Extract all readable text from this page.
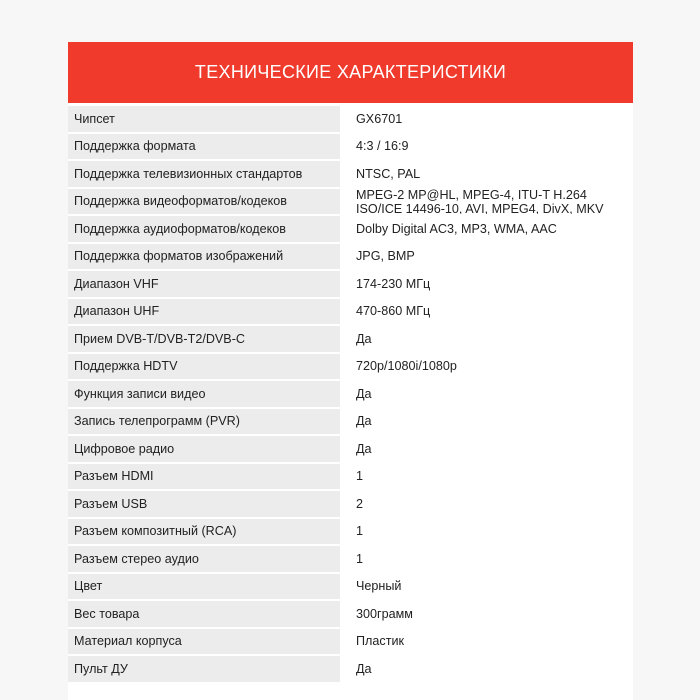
ТЕХНИЧЕСКИЕ ХАРАКТЕРИСТИКИ
Чипсет	GX6701
Поддержка формата	4:3 / 16:9
Поддержка телевизионных стандартов	NTSC, PAL
Поддержка видеоформатов/кодеков	MPEG-2 MP@HL, MPEG-4, ITU-T H.264
ISO/ICE 14496-10, AVI, MPEG4, DivX, MKV
Поддержка аудиоформатов/кодеков	Dolby Digital AC3, MP3, WMA, AAC
Поддержка форматов изображений	JPG, BMP
Диапазон VHF	174-230 МГц
Диапазон UHF	470-860 МГц
Прием DVB-T/DVB-T2/DVB-C	Да
Поддержка HDTV	720p/1080i/1080p
Функция записи видео	Да
Запись телепрограмм (PVR)	Да
Цифровое радио	Да
Разъем HDMI	1
Разъем USB	2
Разъем композитный (RCA)	1
Разъем стерео аудио	1
Цвет	Черный
Вес товара	300грамм
Материал корпуса	Пластик
Пульт ДУ	Да
